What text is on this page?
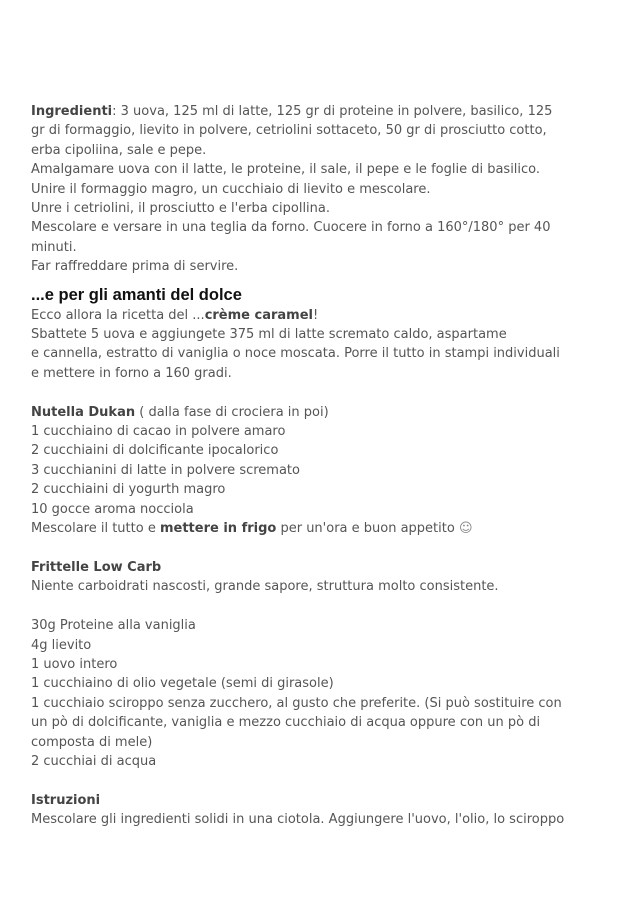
Ingredienti: 3 uova, 125 ml di latte, 125 gr di proteine in polvere, basilico, 125
gr di formaggio, lievito in polvere, cetriolini sottaceto, 50 gr di prosciutto cotto,
erba cipoliina, sale e pepe.
Amalgamare uova con il latte, le proteine, il sale, il pepe e le foglie di basilico.
Unire il formaggio magro, un cucchiaio di lievito e mescolare.
Unre i cetriolini, il prosciutto e l'erba cipollina.
Mescolare e versare in una teglia da forno. Cuocere in forno a 160°/180° per 40
minuti.
Far raffreddare prima di servire.
...e per gli amanti del dolce
Ecco allora la ricetta del ...crème caramel!
Sbattete 5 uova e aggiungete 375 ml di latte scremato caldo, aspartame
e cannella, estratto di vaniglia o noce moscata. Porre il tutto in stampi individuali
e mettere in forno a 160 gradi.
Nutella Dukan ( dalla fase di crociera in poi)
1 cucchiaino di cacao in polvere amaro
2 cucchiaini di dolcificante ipocalorico
3 cucchianini di latte in polvere scremato
2 cucchiaini di yogurth magro
10 gocce aroma nocciola
Mescolare il tutto e mettere in frigo per un'ora e buon appetito ☺
Frittelle Low Carb
Niente carboidrati nascosti, grande sapore, struttura molto consistente.
30g Proteine alla vaniglia
4g lievito
1 uovo intero
1 cucchiaino di olio vegetale (semi di girasole)
1 cucchiaio sciroppo senza zucchero, al gusto che preferite. (Si può sostituire con
un pò di dolcificante, vaniglia e mezzo cucchiaio di acqua oppure con un pò di
composta di mele)
2 cucchiai di acqua
Istruzioni
Mescolare gli ingredienti solidi in una ciotola. Aggiungere l'uovo, l'olio, lo sciroppo
